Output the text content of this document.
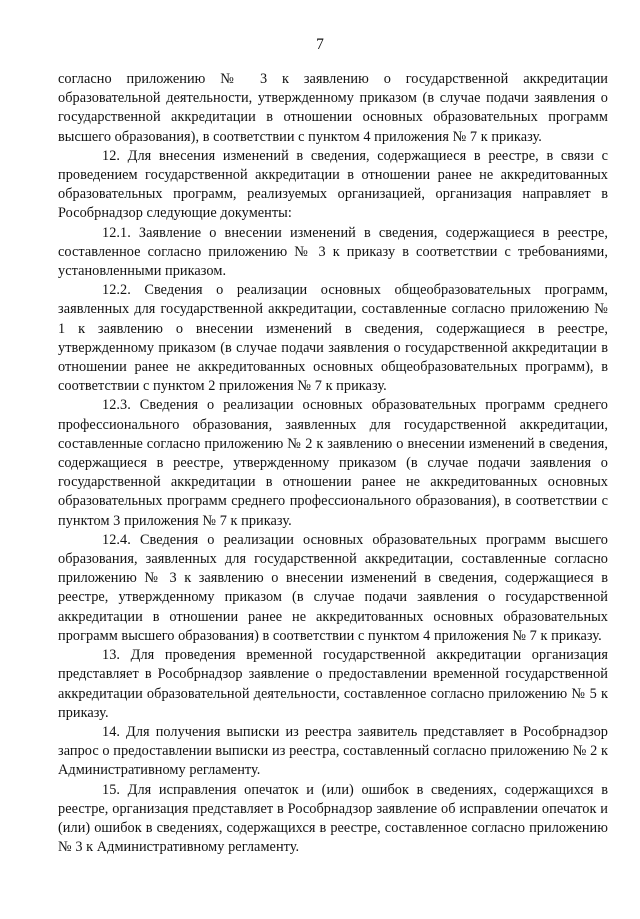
7

согласно приложению № 3 к заявлению о государственной аккредитации образовательной деятельности, утвержденному приказом (в случае подачи заявления о государственной аккредитации в отношении основных образовательных программ высшего образования), в соответствии с пунктом 4 приложения № 7 к приказу.

12. Для внесения изменений в сведения, содержащиеся в реестре, в связи с проведением государственной аккредитации в отношении ранее не аккредитованных образовательных программ, реализуемых организацией, организация направляет в Рособрнадзор следующие документы:

12.1. Заявление о внесении изменений в сведения, содержащиеся в реестре, составленное согласно приложению № 3 к приказу в соответствии с требованиями, установленными приказом.

12.2. Сведения о реализации основных общеобразовательных программ, заявленных для государственной аккредитации, составленные согласно приложению № 1 к заявлению о внесении изменений в сведения, содержащиеся в реестре, утвержденному приказом (в случае подачи заявления о государственной аккредитации в отношении ранее не аккредитованных основных общеобразовательных программ), в соответствии с пунктом 2 приложения № 7 к приказу.

12.3. Сведения о реализации основных образовательных программ среднего профессионального образования, заявленных для государственной аккредитации, составленные согласно приложению № 2 к заявлению о внесении изменений в сведения, содержащиеся в реестре, утвержденному приказом (в случае подачи заявления о государственной аккредитации в отношении ранее не аккредитованных основных образовательных программ среднего профессионального образования), в соответствии с пунктом 3 приложения № 7 к приказу.

12.4. Сведения о реализации основных образовательных программ высшего образования, заявленных для государственной аккредитации, составленные согласно приложению № 3 к заявлению о внесении изменений в сведения, содержащиеся в реестре, утвержденному приказом (в случае подачи заявления о государственной аккредитации в отношении ранее не аккредитованных основных образовательных программ высшего образования) в соответствии с пунктом 4 приложения № 7 к приказу.

13. Для проведения временной государственной аккредитации организация представляет в Рособрнадзор заявление о предоставлении временной государственной аккредитации образовательной деятельности, составленное согласно приложению № 5 к приказу.

14. Для получения выписки из реестра заявитель представляет в Рособрнадзор запрос о предоставлении выписки из реестра, составленный согласно приложению № 2 к Административному регламенту.

15. Для исправления опечаток и (или) ошибок в сведениях, содержащихся в реестре, организация представляет в Рособрнадзор заявление об исправлении опечаток и (или) ошибок в сведениях, содержащихся в реестре, составленное согласно приложению № 3 к Административному регламенту.
